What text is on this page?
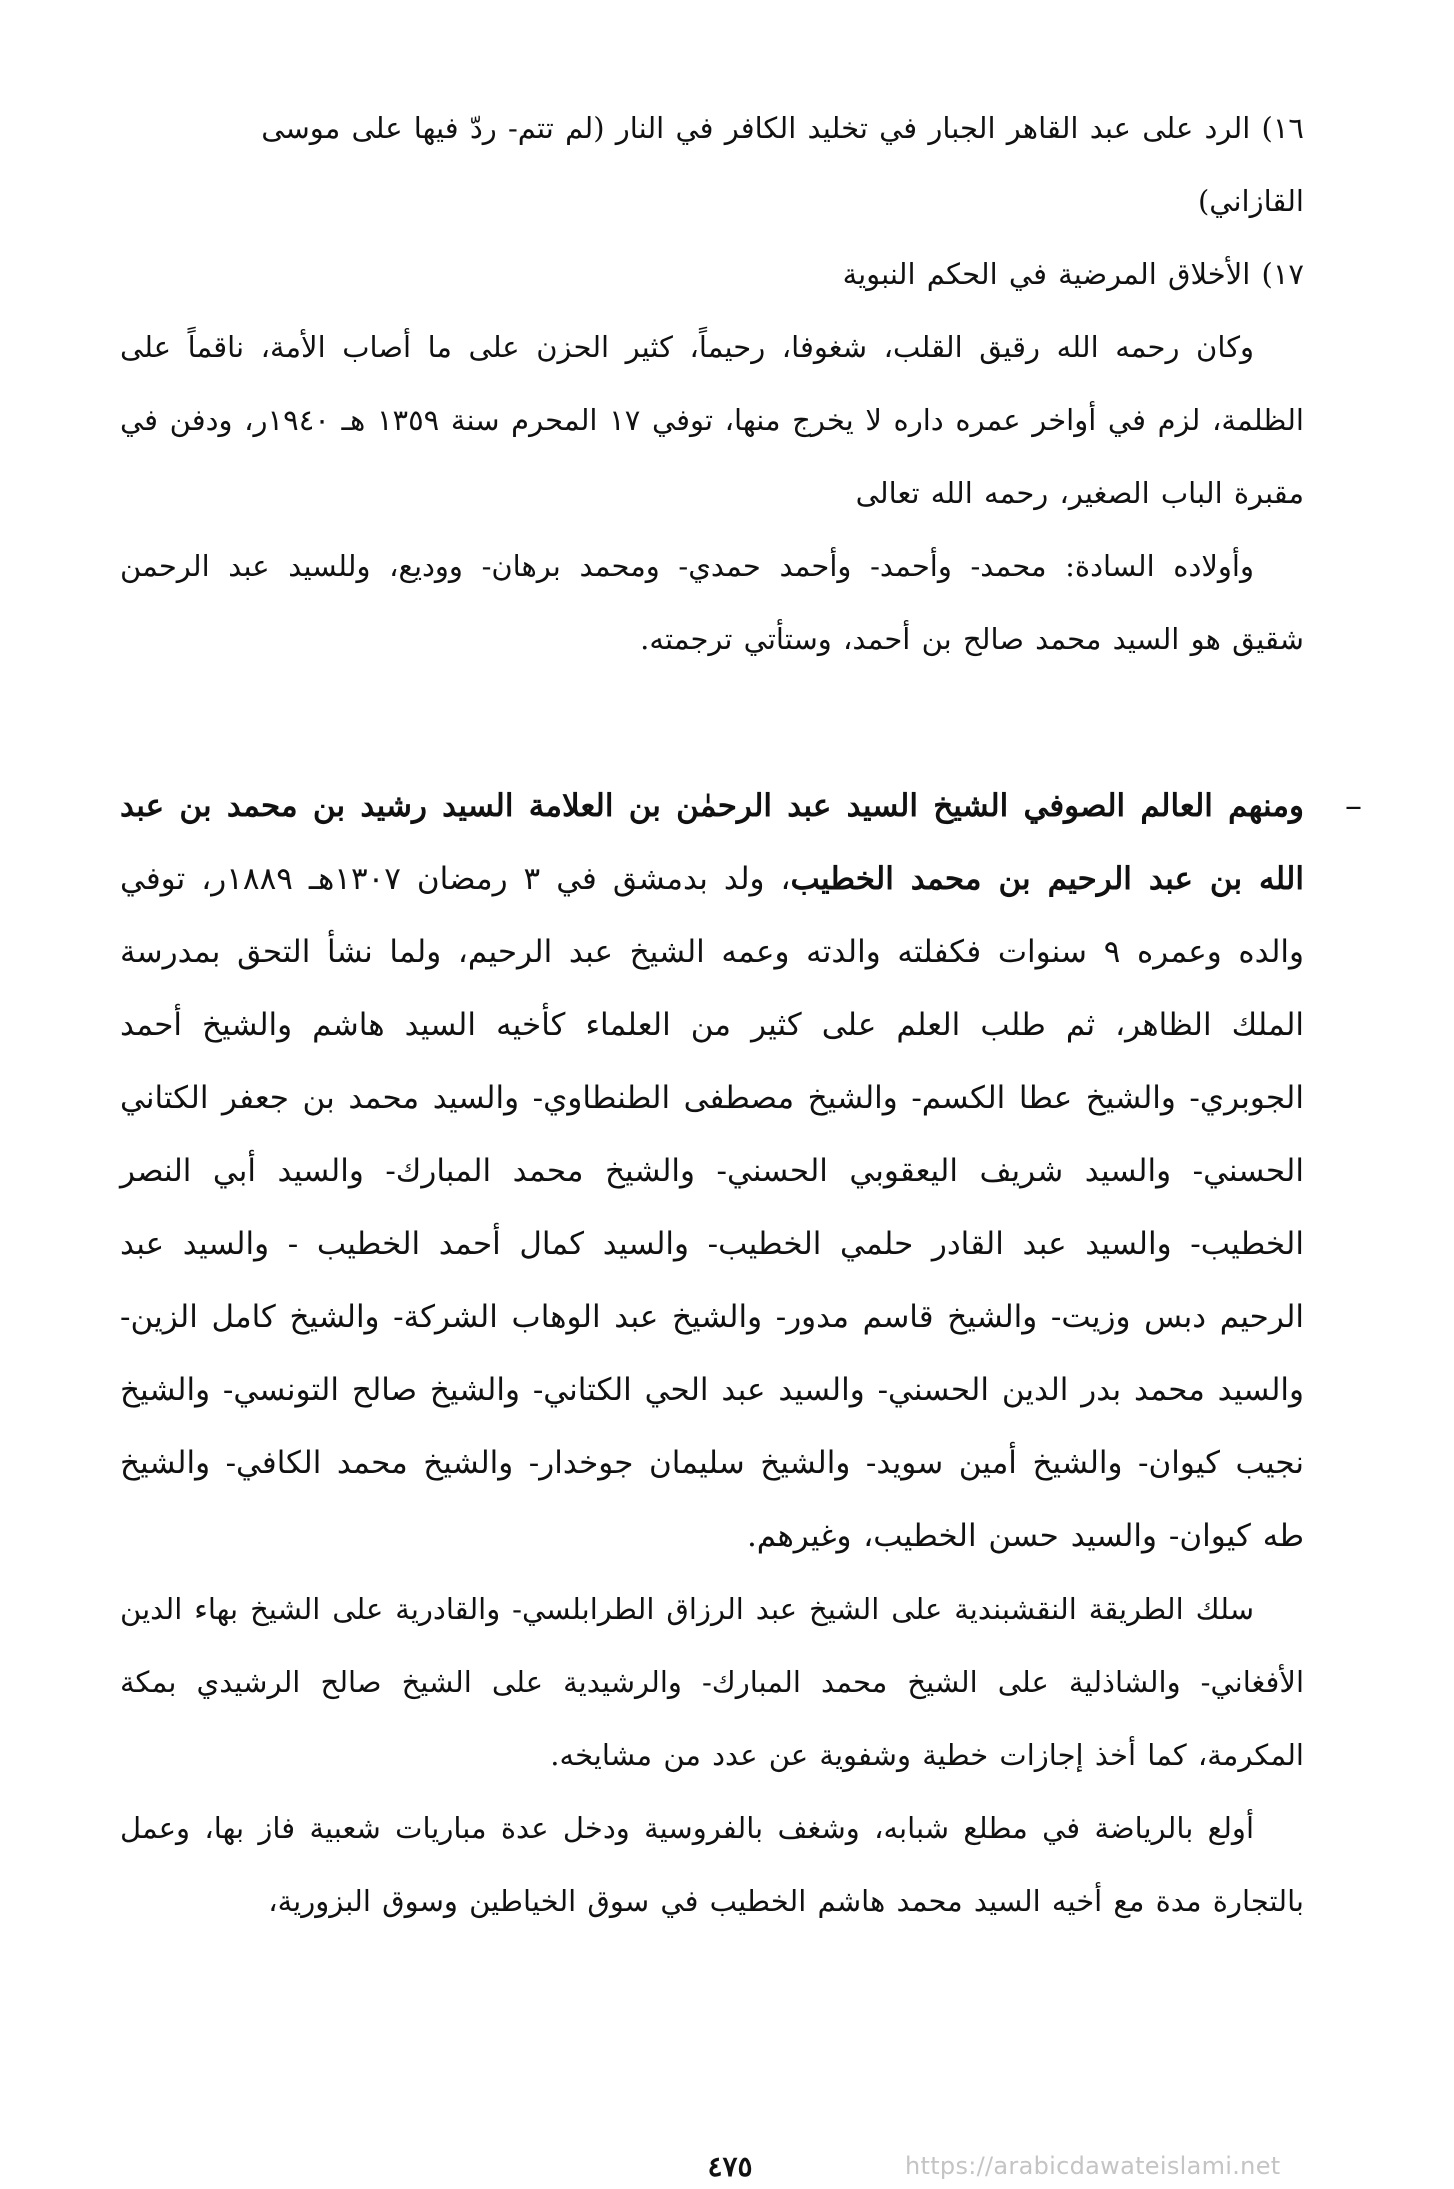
١٦) الرد على عبد القاهر الجبار في تخليد الكافر في النار (لم تتم- ردّ فيها على موسى
القازاني)
١٧) الأخلاق المرضية في الحكم النبوية
وكان رحمه الله رقيق القلب، شغوفا، رحيماً، كثير الحزن على ما أصاب الأمة، ناقماً على الظلمة، لزم في أواخر عمره داره لا يخرج منها، توفي ١٧ المحرم سنة ١٣٥٩ هـ ١٩٤٠ر، ودفن في مقبرة الباب الصغير، رحمه الله تعالى
وأولاده السادة: محمد- وأحمد- وأحمد حمدي- ومحمد برهان- ووديع، وللسيد عبد الرحمن شقيق هو السيد محمد صالح بن أحمد، وستأتي ترجمته.
–
ومنهم العالم الصوفي الشيخ السيد عبد الرحمٰن بن العلامة السيد رشيد بن محمد بن عبد الله بن عبد الرحيم بن محمد الخطيب، ولد بدمشق في ٣ رمضان ١٣٠٧هـ ١٨٨٩ر، توفي والده وعمره ٩ سنوات فكفلته والدته وعمه الشيخ عبد الرحيم، ولما نشأ التحق بمدرسة الملك الظاهر، ثم طلب العلم على كثير من العلماء كأخيه السيد هاشم والشيخ أحمد الجوبري- والشيخ عطا الكسم- والشيخ مصطفى الطنطاوي- والسيد محمد بن جعفر الكتاني الحسني- والسيد شريف اليعقوبي الحسني- والشيخ محمد المبارك- والسيد أبي النصر الخطيب- والسيد عبد القادر حلمي الخطيب- والسيد كمال أحمد الخطيب - والسيد عبد الرحيم دبس وزيت- والشيخ قاسم مدور- والشيخ عبد الوهاب الشركة- والشيخ كامل الزين- والسيد محمد بدر الدين الحسني- والسيد عبد الحي الكتاني- والشيخ صالح التونسي- والشيخ نجيب كيوان- والشيخ أمين سويد- والشيخ سليمان جوخدار- والشيخ محمد الكافي- والشيخ طه كيوان- والسيد حسن الخطيب، وغيرهم.
سلك الطريقة النقشبندية على الشيخ عبد الرزاق الطرابلسي- والقادرية على الشيخ بهاء الدين الأفغاني- والشاذلية على الشيخ محمد المبارك- والرشيدية على الشيخ صالح الرشيدي بمكة المكرمة، كما أخذ إجازات خطية وشفوية عن عدد من مشايخه.
أولع بالرياضة في مطلع شبابه، وشغف بالفروسية ودخل عدة مباريات شعبية فاز بها، وعمل بالتجارة مدة مع أخيه السيد محمد هاشم الخطيب في سوق الخياطين وسوق البزورية،
٤٧٥	https://arabicdawateislami.net
